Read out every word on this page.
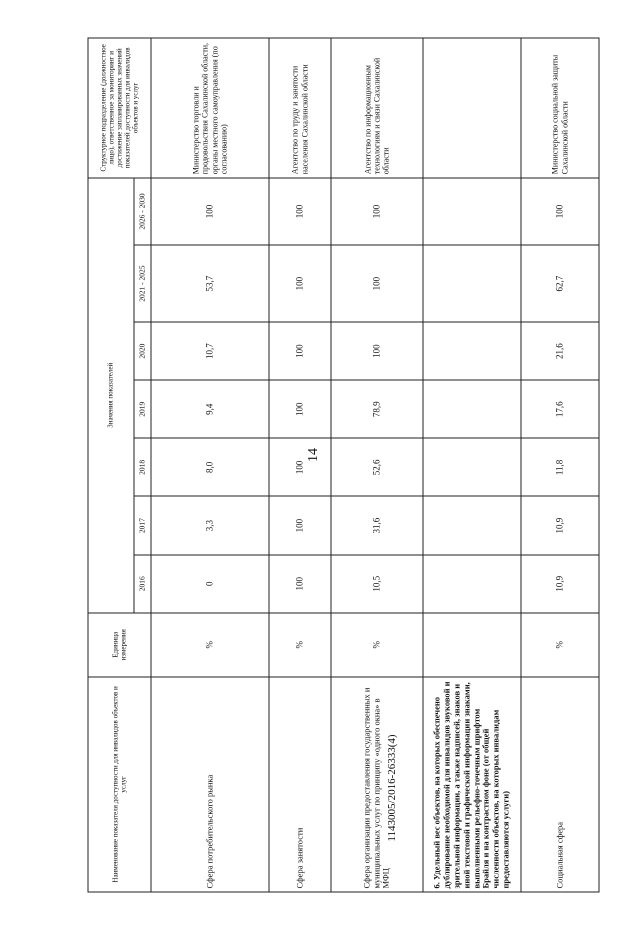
14
1143005/2016-26333(4)
Наименование показателя доступности для инвалидов объектов и услуг	Единица измерения	Значения показателей							Структурное подразделение (должностное лицо), ответственное за мониторинг и достижение запланированных значений показателей доступности для инвалидов объектов и услуг
		2016	2017	2018	2019	2020	2021 - 2025	2026 - 2030	
Сфера потребительского рынка	%	0	3,3	8,0	9,4	10,7	53,7	100	Министерство торговли и продовольствия Сахалинской области, органы местного самоуправления (по согласованию)
Сфера занятости	%	100	100	100	100	100	100	100	Агентство по труду и занятости населения Сахалинской области
Сфера организации предоставления государственных и муниципальных услуг по принципу «одного окна» в МФЦ	%	10,5	31,6	52,6	78,9	100	100	100	Агентство по информационным технологиям и связи Сахалинской области
6. Удельный вес объектов, на которых обеспечено дублирование необходимой для инвалидов звуковой и зрительной информации, а также надписей, знаков и иной текстовой и графической информации знаками, выполненными рельефно-точечным шрифтом Брайля и на контрастном фоне (от общей численности объектов, на которых инвалидам предоставляются услуги)									
Социальная сфера	%	10,9	10,9	11,8	17,6	21,6	62,7	100	Министерство социальной защиты Сахалинской области
